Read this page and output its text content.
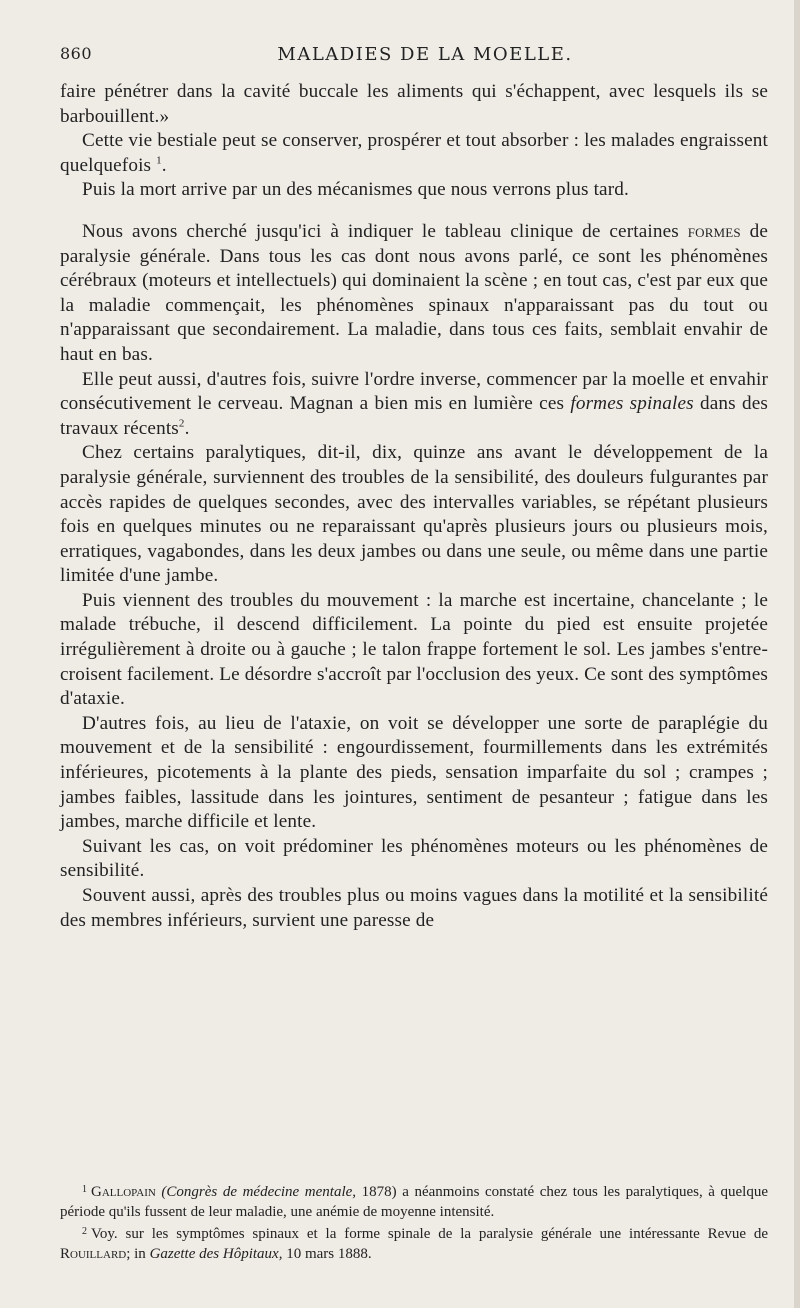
860	MALADIES DE LA MOELLE.

faire pénétrer dans la cavité buccale les aliments qui s'échappent, avec lesquels ils se barbouillent.»

Cette vie bestiale peut se conserver, prospérer et tout absorber : les malades engraissent quelquefois $^1$.

Puis la mort arrive par un des mécanismes que nous verrons plus tard.

Nous avons cherché jusqu'ici à indiquer le tableau clinique de certaines formes de paralysie générale. Dans tous les cas dont nous avons parlé, ce sont les phénomènes cérébraux (moteurs et intellectuels) qui dominaient la scène ; en tout cas, c'est par eux que la maladie commençait, les phénomènes spinaux n'apparaissant pas du tout ou n'apparaissant que secondairement. La maladie, dans tous ces faits, semblait envahir de haut en bas.

Elle peut aussi, d'autres fois, suivre l'ordre inverse, commencer par la moelle et envahir consécutivement le cerveau. Magnan a bien mis en lumière ces formes spinales dans des travaux récents$^2$.

Chez certains paralytiques, dit-il, dix, quinze ans avant le développement de la paralysie générale, surviennent des troubles de la sensibilité, des douleurs fulgurantes par accès rapides de quelques secondes, avec des intervalles variables, se répétant plusieurs fois en quelques minutes ou ne reparaissant qu'après plusieurs jours ou plusieurs mois, erratiques, vagabondes, dans les deux jambes ou dans une seule, ou même dans une partie limitée d'une jambe.

Puis viennent des troubles du mouvement : la marche est incertaine, chancelante ; le malade trébuche, il descend difficilement. La pointe du pied est ensuite projetée irrégulièrement à droite ou à gauche ; le talon frappe fortement le sol. Les jambes s'entre-croisent facilement. Le désordre s'accroît par l'occlusion des yeux. Ce sont des symptômes d'ataxie.

D'autres fois, au lieu de l'ataxie, on voit se développer une sorte de paraplégie du mouvement et de la sensibilité : engourdissement, fourmillements dans les extrémités inférieures, picotements à la plante des pieds, sensation imparfaite du sol ; crampes ; jambes faibles, lassitude dans les jointures, sentiment de pesanteur ; fatigue dans les jambes, marche difficile et lente.

Suivant les cas, on voit prédominer les phénomènes moteurs ou les phénomènes de sensibilité.

Souvent aussi, après des troubles plus ou moins vagues dans la motilité et la sensibilité des membres inférieurs, survient une paresse de

$^1$ Gallopain (Congrès de médecine mentale, 1878) a néanmoins constaté chez tous les paralytiques, à quelque période qu'ils fussent de leur maladie, une anémie de moyenne intensité.

$^2$ Voy. sur les symptômes spinaux et la forme spinale de la paralysie générale une intéressante Revue de Rouillard; in Gazette des Hôpitaux, 10 mars 1888.
